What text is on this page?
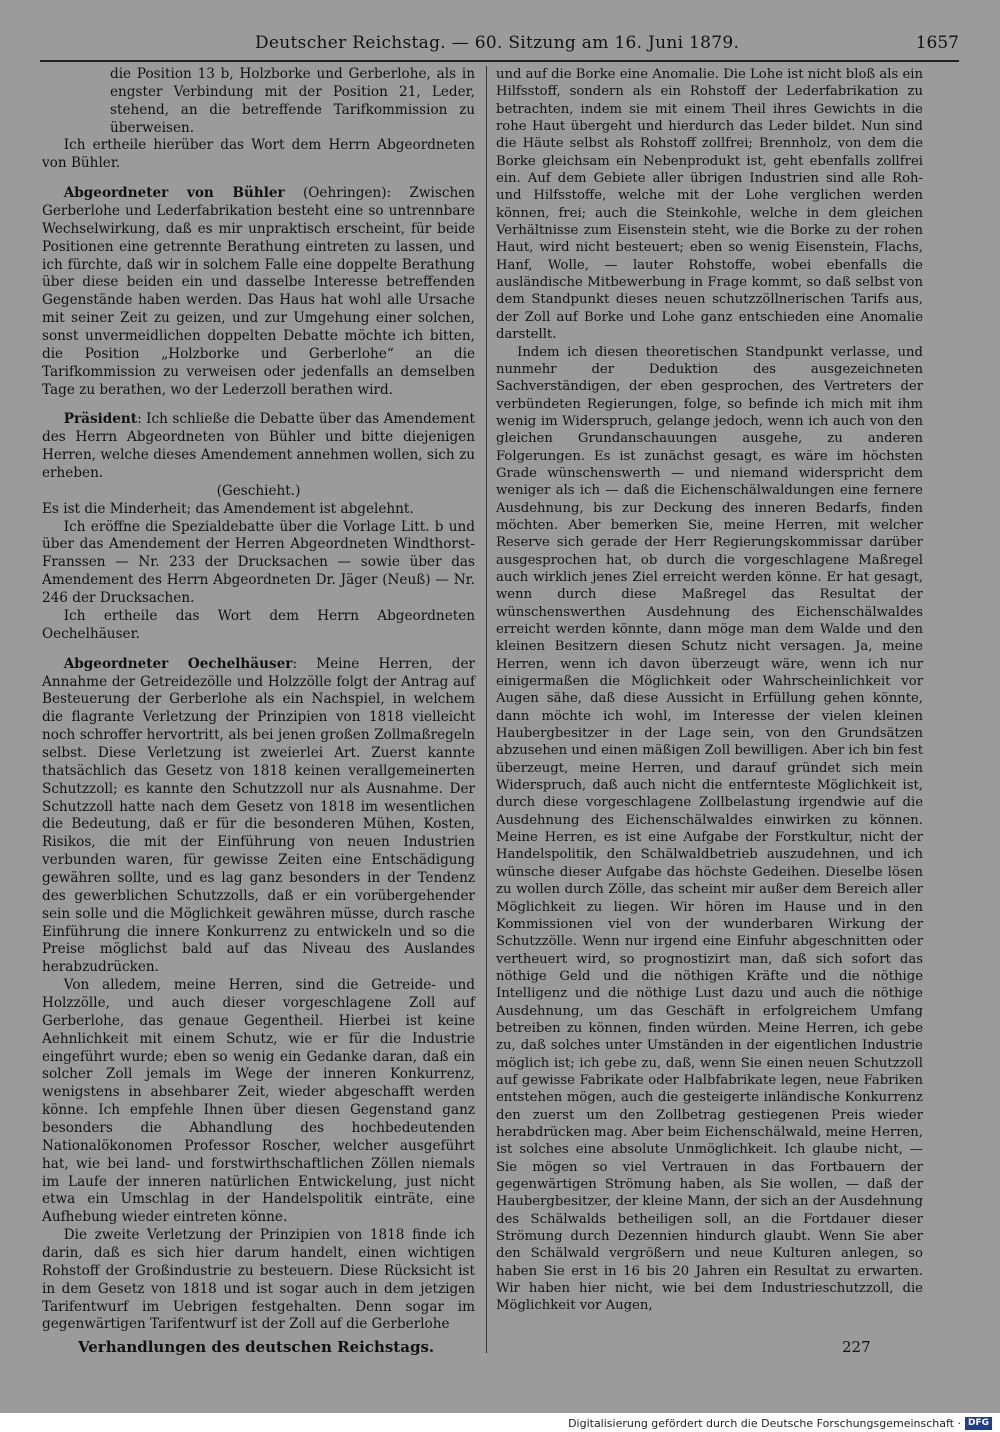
Deutscher Reichstag. — 60. Sitzung am 16. Juni 1879.	1657

die Position 13 b, Holzborke und Gerberlohe, als in engster Verbindung mit der Position 21, Leder, stehend, an die betreffende Tarifkommission zu überweisen.

Ich ertheile hierüber das Wort dem Herrn Abgeordneten von Bühler.

Abgeordneter von Bühler (Oehringen): Zwischen Gerberlohe und Lederfabrikation besteht eine so untrennbare Wechselwirkung, daß es mir unpraktisch erscheint, für beide Positionen eine getrennte Berathung eintreten zu lassen, und ich fürchte, daß wir in solchem Falle eine doppelte Berathung über diese beiden ein und dasselbe Interesse betreffenden Gegenstände haben werden. Das Haus hat wohl alle Ursache mit seiner Zeit zu geizen, und zur Umgehung einer solchen, sonst unvermeidlichen doppelten Debatte möchte ich bitten, die Position „Holzborke und Gerberlohe“ an die Tarifkommission zu verweisen oder jedenfalls an demselben Tage zu berathen, wo der Lederzoll berathen wird.

Präsident: Ich schließe die Debatte über das Amendement des Herrn Abgeordneten von Bühler und bitte diejenigen Herren, welche dieses Amendement annehmen wollen, sich zu erheben.

(Geschieht.)

Es ist die Minderheit; das Amendement ist abgelehnt.

Ich eröffne die Spezialdebatte über die Vorlage Litt. b und über das Amendement der Herren Abgeordneten Windthorst-Franssen — Nr. 233 der Drucksachen — sowie über das Amendement des Herrn Abgeordneten Dr. Jäger (Neuß) — Nr. 246 der Drucksachen.

Ich ertheile das Wort dem Herrn Abgeordneten Oechelhäuser.

Abgeordneter Oechelhäuser: Meine Herren, der Annahme der Getreidezölle und Holzzölle folgt der Antrag auf Besteuerung der Gerberlohe als ein Nachspiel, in welchem die flagrante Verletzung der Prinzipien von 1818 vielleicht noch schroffer hervortritt, als bei jenen großen Zollmaßregeln selbst. Diese Verletzung ist zweierlei Art. Zuerst kannte thatsächlich das Gesetz von 1818 keinen verallgemeinerten Schutzzoll; es kannte den Schutzzoll nur als Ausnahme. Der Schutzzoll hatte nach dem Gesetz von 1818 im wesentlichen die Bedeutung, daß er für die besonderen Mühen, Kosten, Risikos, die mit der Einführung von neuen Industrien verbunden waren, für gewisse Zeiten eine Entschädigung gewähren sollte, und es lag ganz besonders in der Tendenz des gewerblichen Schutzzolls, daß er ein vorübergehender sein solle und die Möglichkeit gewähren müsse, durch rasche Einführung die innere Konkurrenz zu entwickeln und so die Preise möglichst bald auf das Niveau des Auslandes herabzudrücken.

Von alledem, meine Herren, sind die Getreide- und Holzzölle, und auch dieser vorgeschlagene Zoll auf Gerberlohe, das genaue Gegentheil. Hierbei ist keine Aehnlichkeit mit einem Schutz, wie er für die Industrie eingeführt wurde; eben so wenig ein Gedanke daran, daß ein solcher Zoll jemals im Wege der inneren Konkurrenz, wenigstens in absehbarer Zeit, wieder abgeschafft werden könne. Ich empfehle Ihnen über diesen Gegenstand ganz besonders die Abhandlung des hochbedeutenden Nationalökonomen Professor Roscher, welcher ausgeführt hat, wie bei land- und forstwirthschaftlichen Zöllen niemals im Laufe der inneren natürlichen Entwickelung, just nicht etwa ein Umschlag in der Handelspolitik einträte, eine Aufhebung wieder eintreten könne.

Die zweite Verletzung der Prinzipien von 1818 finde ich darin, daß es sich hier darum handelt, einen wichtigen Rohstoff der Großindustrie zu besteuern. Diese Rücksicht ist in dem Gesetz von 1818 und ist sogar auch in dem jetzigen Tarifentwurf im Uebrigen festgehalten. Denn sogar im gegenwärtigen Tarifentwurf ist der Zoll auf die Gerberlohe

und auf die Borke eine Anomalie. Die Lohe ist nicht bloß als ein Hilfsstoff, sondern als ein Rohstoff der Lederfabrikation zu betrachten, indem sie mit einem Theil ihres Gewichts in die rohe Haut übergeht und hierdurch das Leder bildet. Nun sind die Häute selbst als Rohstoff zollfrei; Brennholz, von dem die Borke gleichsam ein Nebenprodukt ist, geht ebenfalls zollfrei ein. Auf dem Gebiete aller übrigen Industrien sind alle Roh- und Hilfsstoffe, welche mit der Lohe verglichen werden können, frei; auch die Steinkohle, welche in dem gleichen Verhältnisse zum Eisenstein steht, wie die Borke zu der rohen Haut, wird nicht besteuert; eben so wenig Eisenstein, Flachs, Hanf, Wolle, — lauter Rohstoffe, wobei ebenfalls die ausländische Mitbewerbung in Frage kommt, so daß selbst von dem Standpunkt dieses neuen schutzzöllnerischen Tarifs aus, der Zoll auf Borke und Lohe ganz entschieden eine Anomalie darstellt.

Indem ich diesen theoretischen Standpunkt verlasse, und nunmehr der Deduktion des ausgezeichneten Sachverständigen, der eben gesprochen, des Vertreters der verbündeten Regierungen, folge, so befinde ich mich mit ihm wenig im Widerspruch, gelange jedoch, wenn ich auch von den gleichen Grundanschauungen ausgehe, zu anderen Folgerungen. Es ist zunächst gesagt, es wäre im höchsten Grade wünschenswerth — und niemand widerspricht dem weniger als ich — daß die Eichenschälwaldungen eine fernere Ausdehnung, bis zur Deckung des inneren Bedarfs, finden möchten. Aber bemerken Sie, meine Herren, mit welcher Reserve sich gerade der Herr Regierungskommissar darüber ausgesprochen hat, ob durch die vorgeschlagene Maßregel auch wirklich jenes Ziel erreicht werden könne. Er hat gesagt, wenn durch diese Maßregel das Resultat der wünschenswerthen Ausdehnung des Eichenschälwaldes erreicht werden könnte, dann möge man dem Walde und den kleinen Besitzern diesen Schutz nicht versagen. Ja, meine Herren, wenn ich davon überzeugt wäre, wenn ich nur einigermaßen die Möglichkeit oder Wahrscheinlichkeit vor Augen sähe, daß diese Aussicht in Erfüllung gehen könnte, dann möchte ich wohl, im Interesse der vielen kleinen Haubergbesitzer in der Lage sein, von den Grundsätzen abzusehen und einen mäßigen Zoll bewilligen. Aber ich bin fest überzeugt, meine Herren, und darauf gründet sich mein Widerspruch, daß auch nicht die entfernteste Möglichkeit ist, durch diese vorgeschlagene Zollbelastung irgendwie auf die Ausdehnung des Eichenschälwaldes einwirken zu können. Meine Herren, es ist eine Aufgabe der Forstkultur, nicht der Handelspolitik, den Schälwaldbetrieb auszudehnen, und ich wünsche dieser Aufgabe das höchste Gedeihen. Dieselbe lösen zu wollen durch Zölle, das scheint mir außer dem Bereich aller Möglichkeit zu liegen. Wir hören im Hause und in den Kommissionen viel von der wunderbaren Wirkung der Schutzzölle. Wenn nur irgend eine Einfuhr abgeschnitten oder vertheuert wird, so prognostizirt man, daß sich sofort das nöthige Geld und die nöthigen Kräfte und die nöthige Intelligenz und die nöthige Lust dazu und auch die nöthige Ausdehnung, um das Geschäft in erfolgreichem Umfang betreiben zu können, finden würden. Meine Herren, ich gebe zu, daß solches unter Umständen in der eigentlichen Industrie möglich ist; ich gebe zu, daß, wenn Sie einen neuen Schutzzoll auf gewisse Fabrikate oder Halbfabrikate legen, neue Fabriken entstehen mögen, auch die gesteigerte inländische Konkurrenz den zuerst um den Zollbetrag gestiegenen Preis wieder herabdrücken mag. Aber beim Eichenschälwald, meine Herren, ist solches eine absolute Unmöglichkeit. Ich glaube nicht, — Sie mögen so viel Vertrauen in das Fortbauern der gegenwärtigen Strömung haben, als Sie wollen, — daß der Haubergbesitzer, der kleine Mann, der sich an der Ausdehnung des Schälwalds betheiligen soll, an die Fortdauer dieser Strömung durch Dezennien hindurch glaubt. Wenn Sie aber den Schälwald vergrößern und neue Kulturen anlegen, so haben Sie erst in 16 bis 20 Jahren ein Resultat zu erwarten. Wir haben hier nicht, wie bei dem Industrieschutzzoll, die Möglichkeit vor Augen,

Verhandlungen des deutschen Reichstags.	227
Digitalisierung gefördert durch die Deutsche Forschungsgemeinschaft · DFG
